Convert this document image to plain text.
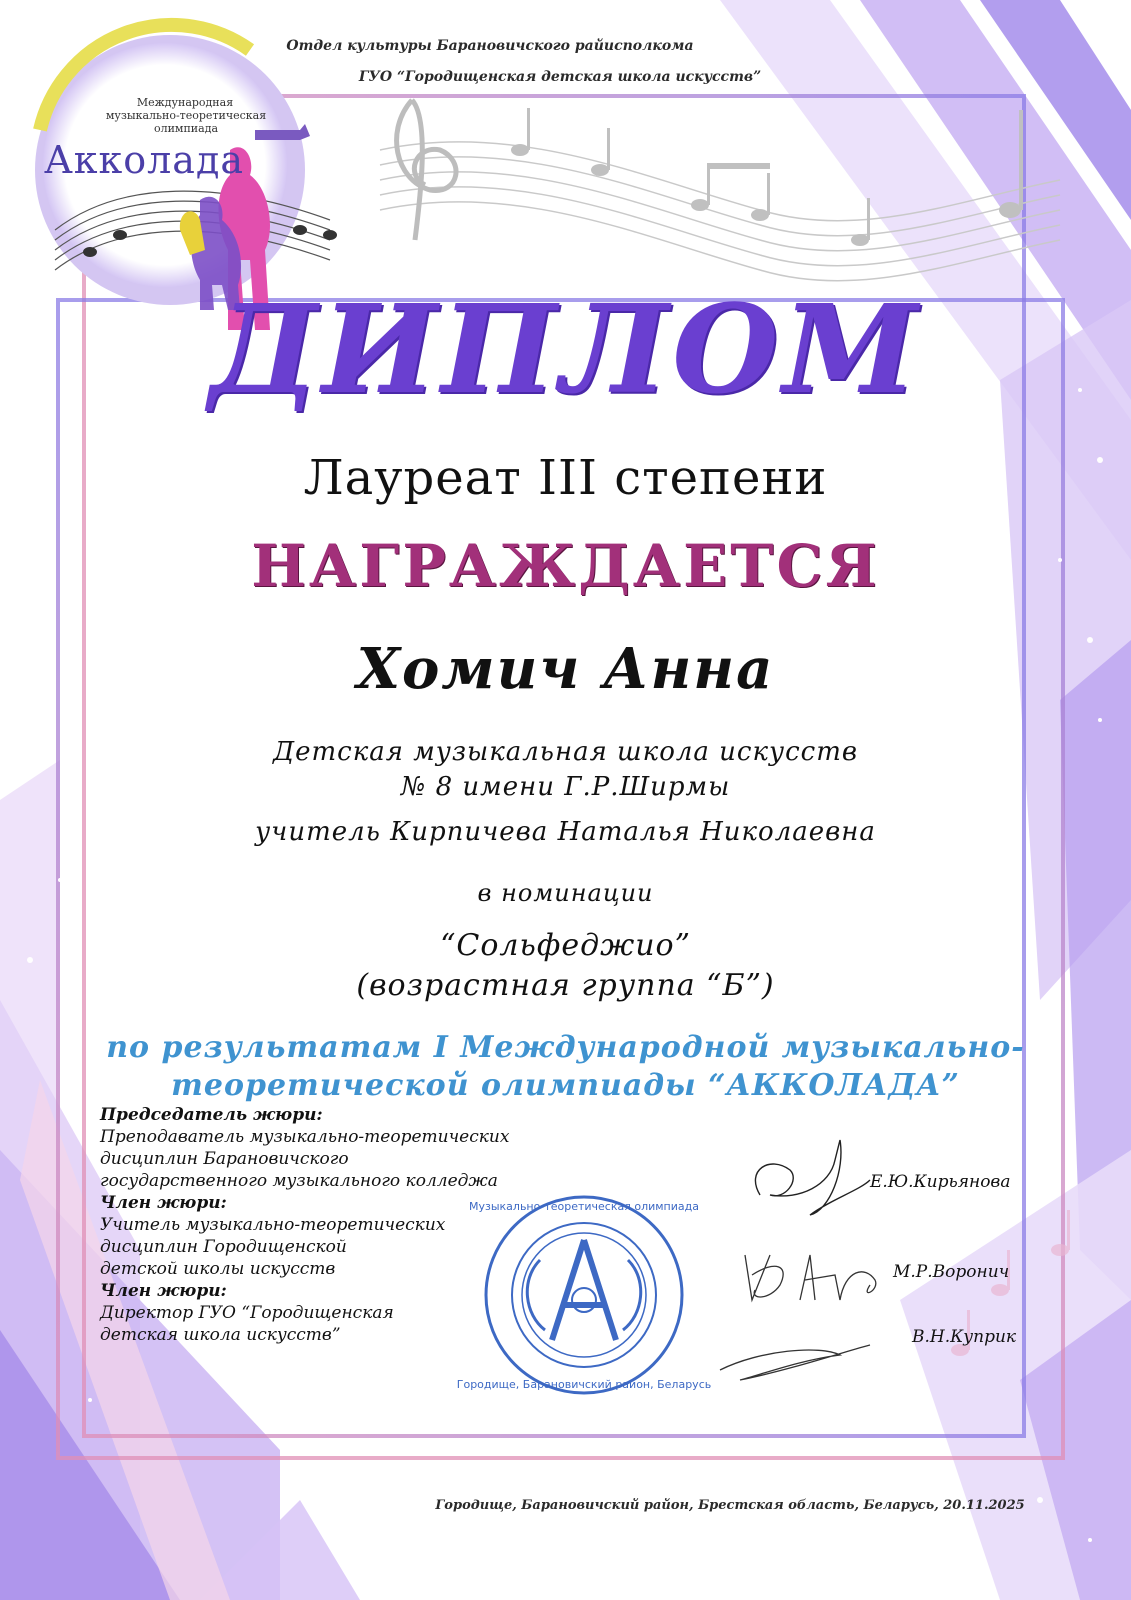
Музыкально-теоретическая олимпиада
Городище, Барановичский район, Беларусь
Международная
музыкально-теоретическая олимпиада
Акколада
Отдел культуры Барановичского райисполкома
ГУО “Городищенская детская школа искусств”
ДИПЛОМ
Лауреат III степени
НАГРАЖДАЕТСЯ
Хомич Анна
Детская музыкальная школа искусств
№ 8 имени Г.Р.Ширмы
учитель Кирпичева Наталья Николаевна
в номинации
“Сольфеджио”
(возрастная группа “Б”)
по результатам I Международной музыкально-
теоретической олимпиады “АККОЛАДА”
Председатель жюри:
Преподаватель музыкально-теоретических
дисциплин Барановичского
государственного музыкального колледжа
Член жюри:
Учитель музыкально-теоретических
дисциплин Городищенской
детской школы искусств
Член жюри:
Директор ГУО “Городищенская
детская школа искусств”
Е.Ю.Кирьянова
М.Р.Воронич
В.Н.Куприк
Городище, Барановичский район, Брестская область, Беларусь, 20.11.2025
